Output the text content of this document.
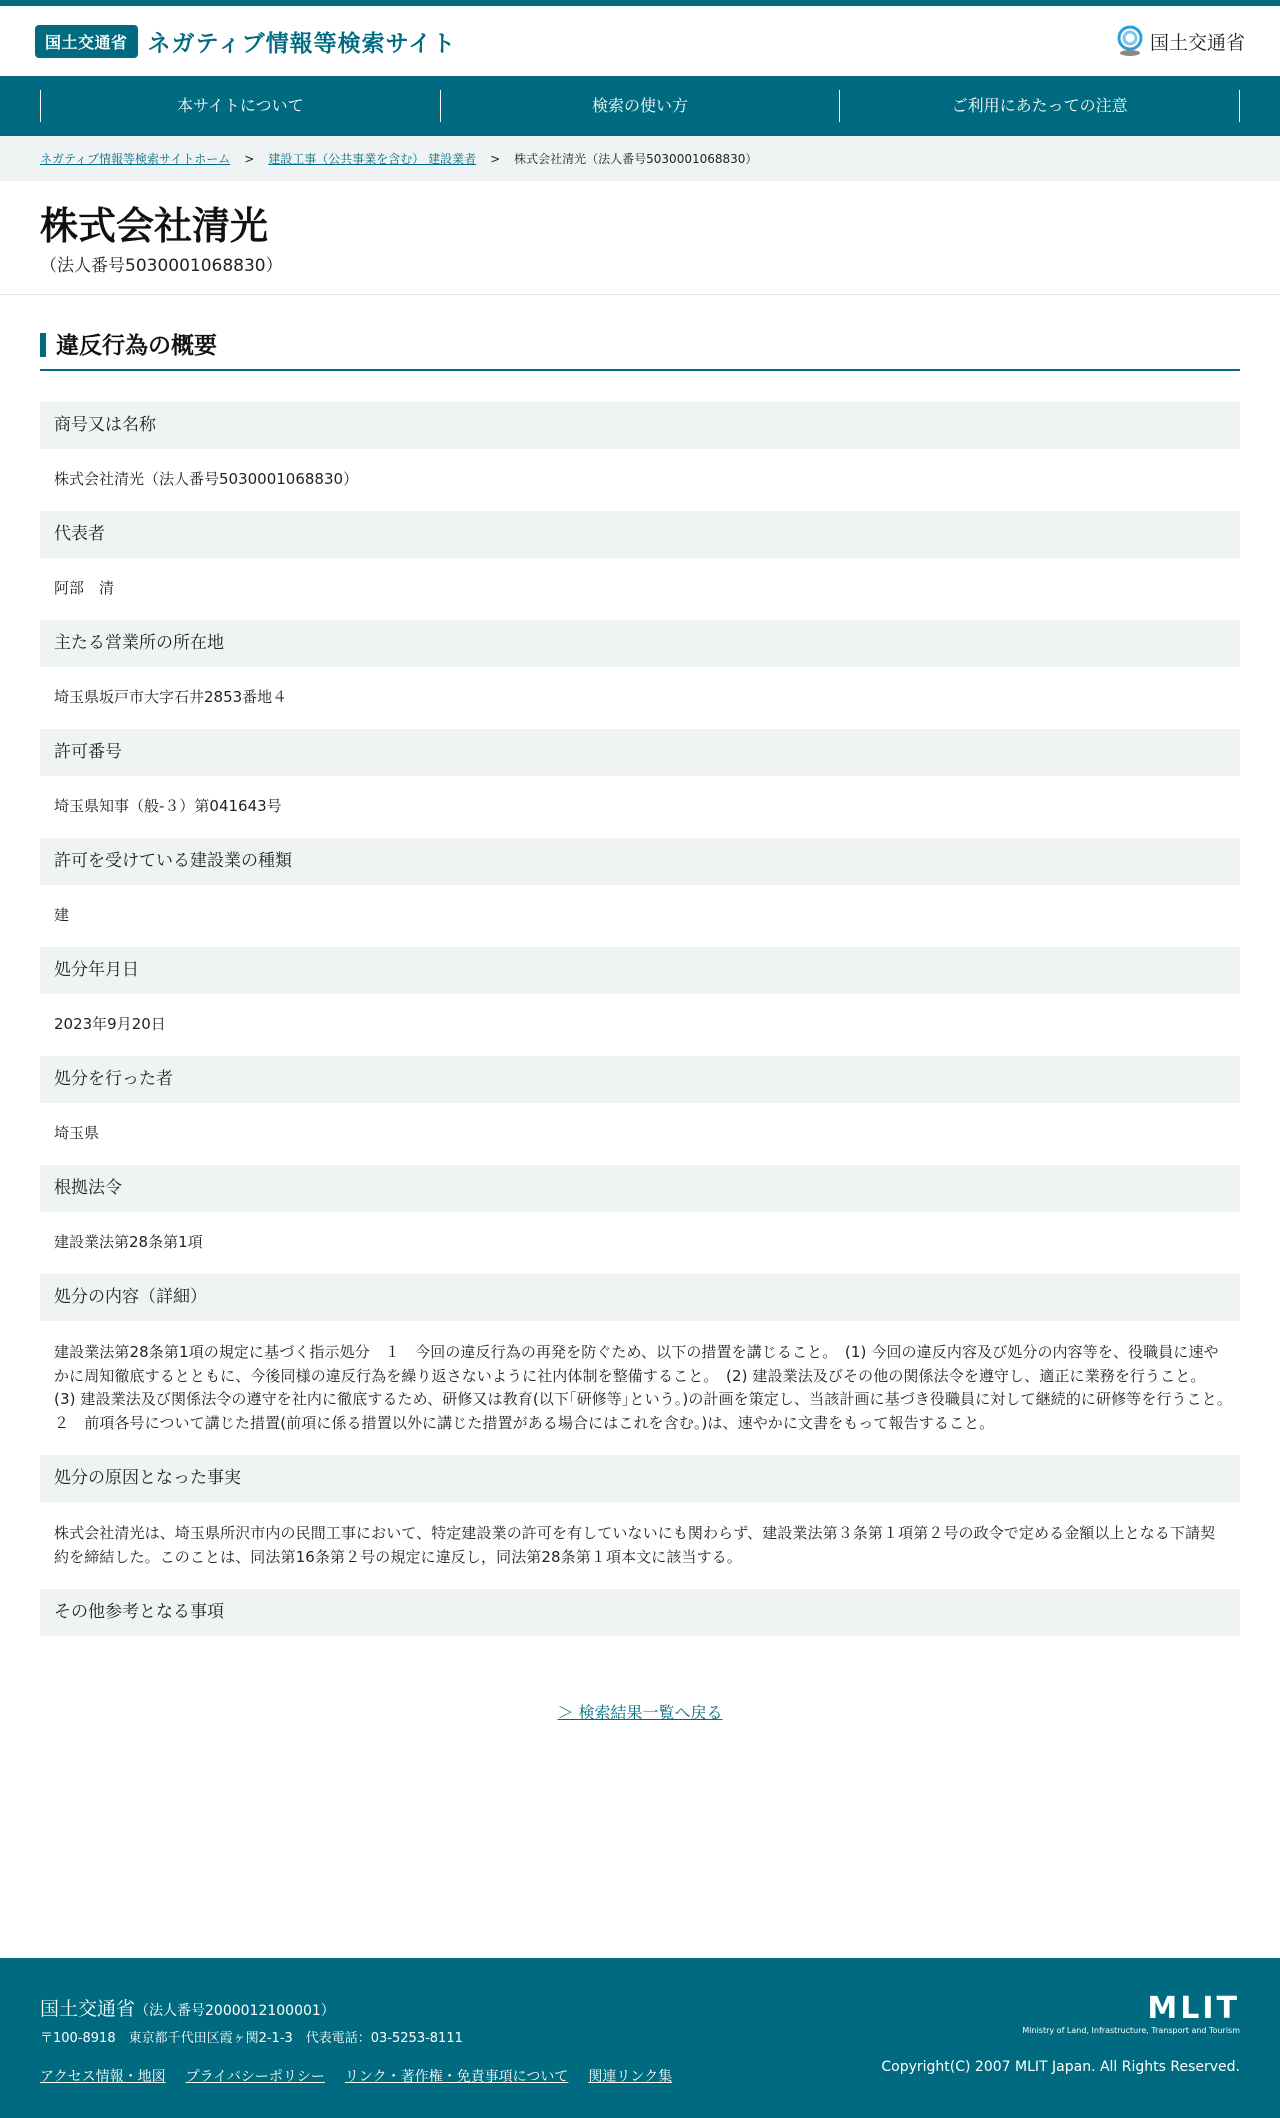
国土交通省 ネガティブ情報等検索サイト	国土交通省
本サイトについて	検索の使い方	ご利用にあたっての注意
ネガティブ情報等検索サイトホーム > 建設工事（公共事業を含む） 建設業者 > 株式会社清光（法人番号5030001068830）
株式会社清光
（法人番号5030001068830）
違反行為の概要
商号又は名称
株式会社清光（法人番号5030001068830）
代表者
阿部　清
主たる営業所の所在地
埼玉県坂戸市大字石井2853番地４
許可番号
埼玉県知事（般-３）第041643号
許可を受けている建設業の種類
建
処分年月日
2023年9月20日
処分を行った者
埼玉県
根拠法令
建設業法第28条第1項
処分の内容（詳細）
建設業法第28条第1項の規定に基づく指示処分　１　今回の違反行為の再発を防ぐため、以下の措置を講じること。　(1) 今回の違反内容及び処分の内容等を、役職員に速やかに周知徹底するとともに、今後同様の違反行為を繰り返さないように社内体制を整備すること。　(2) 建設業法及びその他の関係法令を遵守し、適正に業務を行うこと。　(3) 建設業法及び関係法令の遵守を社内に徹底するため、研修又は教育(以下｢研修等｣という。)の計画を策定し、当該計画に基づき役職員に対して継続的に研修等を行うこと。　２　前項各号について講じた措置(前項に係る措置以外に講じた措置がある場合にはこれを含む。)は、速やかに文書をもって報告すること。
処分の原因となった事実
株式会社清光は、埼玉県所沢市内の民間工事において、特定建設業の許可を有していないにも関わらず、建設業法第３条第１項第２号の政令で定める金額以上となる下請契約を締結した。このことは、同法第16条第２号の規定に違反し，同法第28条第１項本文に該当する。
その他参考となる事項
＞ 検索結果一覧へ戻る
国土交通省（法人番号2000012100001）
〒100-8918　東京都千代田区霞ヶ関2-1-3　代表電話：03-5253-8111
アクセス情報・地図 プライバシーポリシー リンク・著作権・免責事項について 関連リンク集
MLIT
Ministry of Land, Infrastructure, Transport and Tourism
Copyright(C) 2007 MLIT Japan. All Rights Reserved.
